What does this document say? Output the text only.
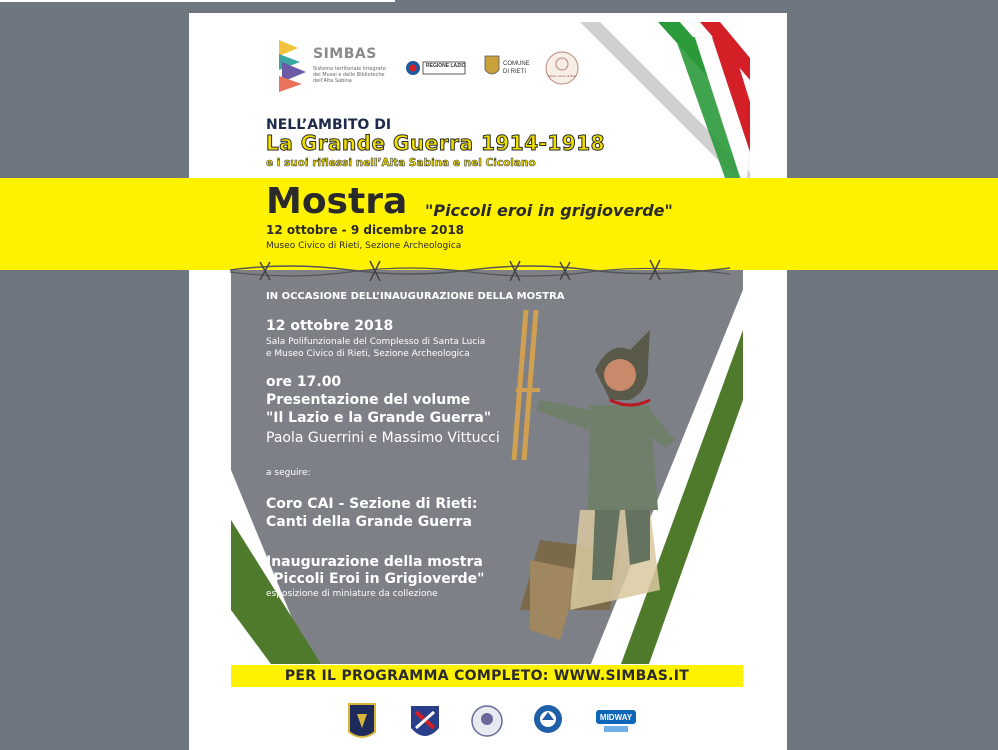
SIMBAS
Sistema territoriale Integrato dei Musei e delle Biblioteche dell'Alta Sabina
REGIONE LAZIO	COMUNE
DI RIETI
Museo Civico di Rieti
NELL’AMBITO DI
La Grande Guerra 1914-1918
e i suoi riflessi nell’Alta Sabina e nel Cicolano
Mostra "Piccoli eroi in grigioverde"
12 ottobre - 9 dicembre 2018
Museo Civico di Rieti, Sezione Archeologica
IN OCCASIONE DELL’INAUGURAZIONE DELLA MOSTRA
12 ottobre 2018
Sala Polifunzionale del Complesso di Santa Lucia
e Museo Civico di Rieti, Sezione Archeologica
ore 17.00
Presentazione del volume
"Il Lazio e la Grande Guerra"
Paola Guerrini e Massimo Vittucci
a seguire:
Coro CAI - Sezione di Rieti:
Canti della Grande Guerra
Inaugurazione della mostra
"Piccoli Eroi in Grigioverde"
esposizione di miniature da collezione
PER IL PROGRAMMA COMPLETO: WWW.SIMBAS.IT
MIDWAY
